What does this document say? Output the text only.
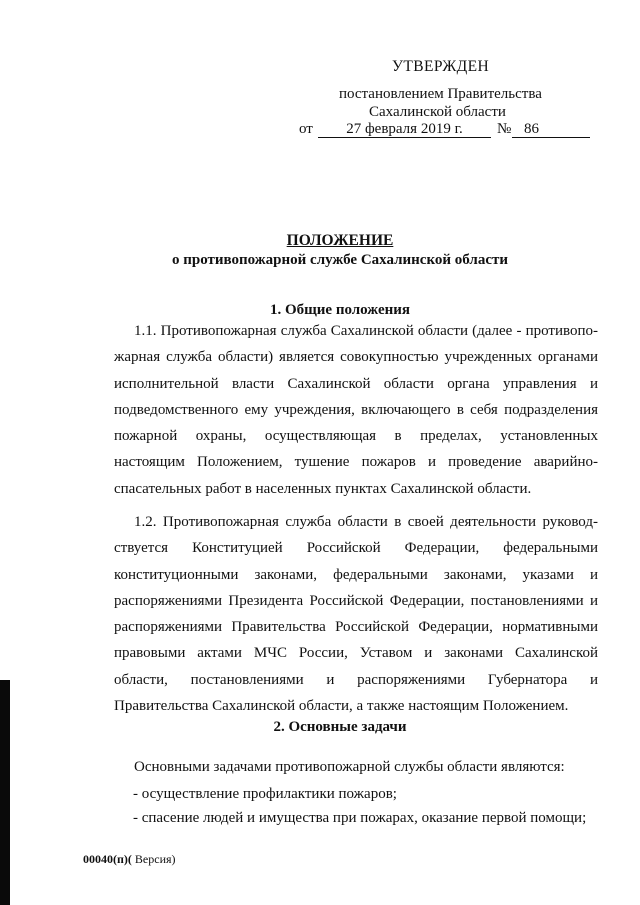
УТВЕРЖДЕН
постановлением Правительства
Сахалинской области
от	27 февраля 2019 г.	№ 86
ПОЛОЖЕНИЕ
о противопожарной службе Сахалинской области
1. Общие положения
1.1. Противопожарная служба Сахалинской области (далее - противопожарная служба области) является совокупностью учрежденных органами исполнительной власти Сахалинской области органа управления и подведомственного ему учреждения, включающего в себя подразделения пожарной охраны, осуществляющая в пределах, установленных настоящим Положением, тушение пожаров и проведение аварийно-спасательных работ в населенных пунктах Сахалинской области.
1.2. Противопожарная служба области в своей деятельности руководствуется Конституцией Российской Федерации, федеральными конституционными законами, федеральными законами, указами и распоряжениями Президента Российской Федерации, постановлениями и распоряжениями Правительства Российской Федерации, нормативными правовыми актами МЧС России, Уставом и законами Сахалинской области, постановлениями и распоряжениями Губернатора и Правительства Сахалинской области, а также настоящим Положением.
2. Основные задачи
Основными задачами противопожарной службы области являются:
- осуществление профилактики пожаров;
- спасение людей и имущества при пожарах, оказание первой помощи;
00040(п)( Версия)
